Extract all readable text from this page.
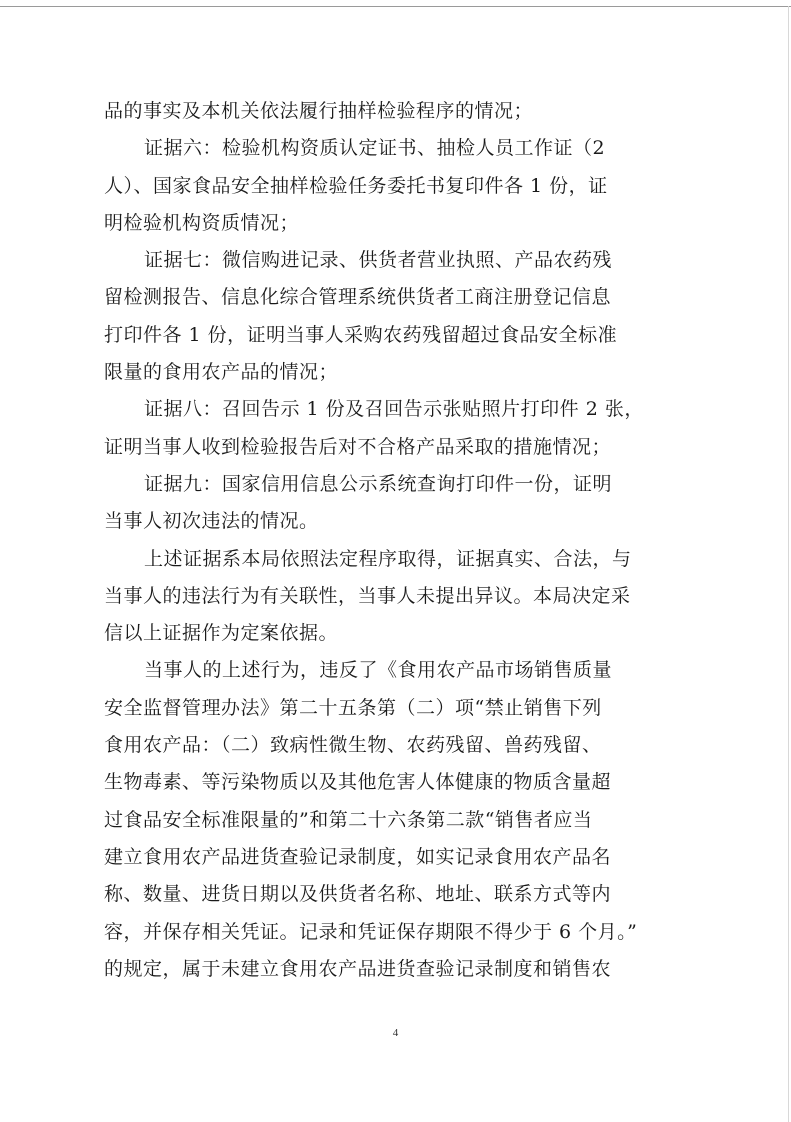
品的事实及本机关依法履行抽样检验程序的情况；
证据六：检验机构资质认定证书、抽检人员工作证（2
人）、国家食品安全抽样检验任务委托书复印件各 1 份，证
明检验机构资质情况；
证据七：微信购进记录、供货者营业执照、产品农药残
留检测报告、信息化综合管理系统供货者工商注册登记信息
打印件各 1 份，证明当事人采购农药残留超过食品安全标准
限量的食用农产品的情况；
证据八：召回告示 1 份及召回告示张贴照片打印件 2 张，
证明当事人收到检验报告后对不合格产品采取的措施情况；
证据九：国家信用信息公示系统查询打印件一份，证明
当事人初次违法的情况。
上述证据系本局依照法定程序取得，证据真实、合法，与
当事人的违法行为有关联性，当事人未提出异议。本局决定采
信以上证据作为定案依据。
当事人的上述行为，违反了《食用农产品市场销售质量
安全监督管理办法》第二十五条第（二）项“禁止销售下列
食用农产品：（二）致病性微生物、农药残留、兽药残留、
生物毒素、等污染物质以及其他危害人体健康的物质含量超
过食品安全标准限量的”和第二十六条第二款“销售者应当
建立食用农产品进货查验记录制度，如实记录食用农产品名
称、数量、进货日期以及供货者名称、地址、联系方式等内
容，并保存相关凭证。记录和凭证保存期限不得少于 6 个月。”
的规定，属于未建立食用农产品进货查验记录制度和销售农
4
